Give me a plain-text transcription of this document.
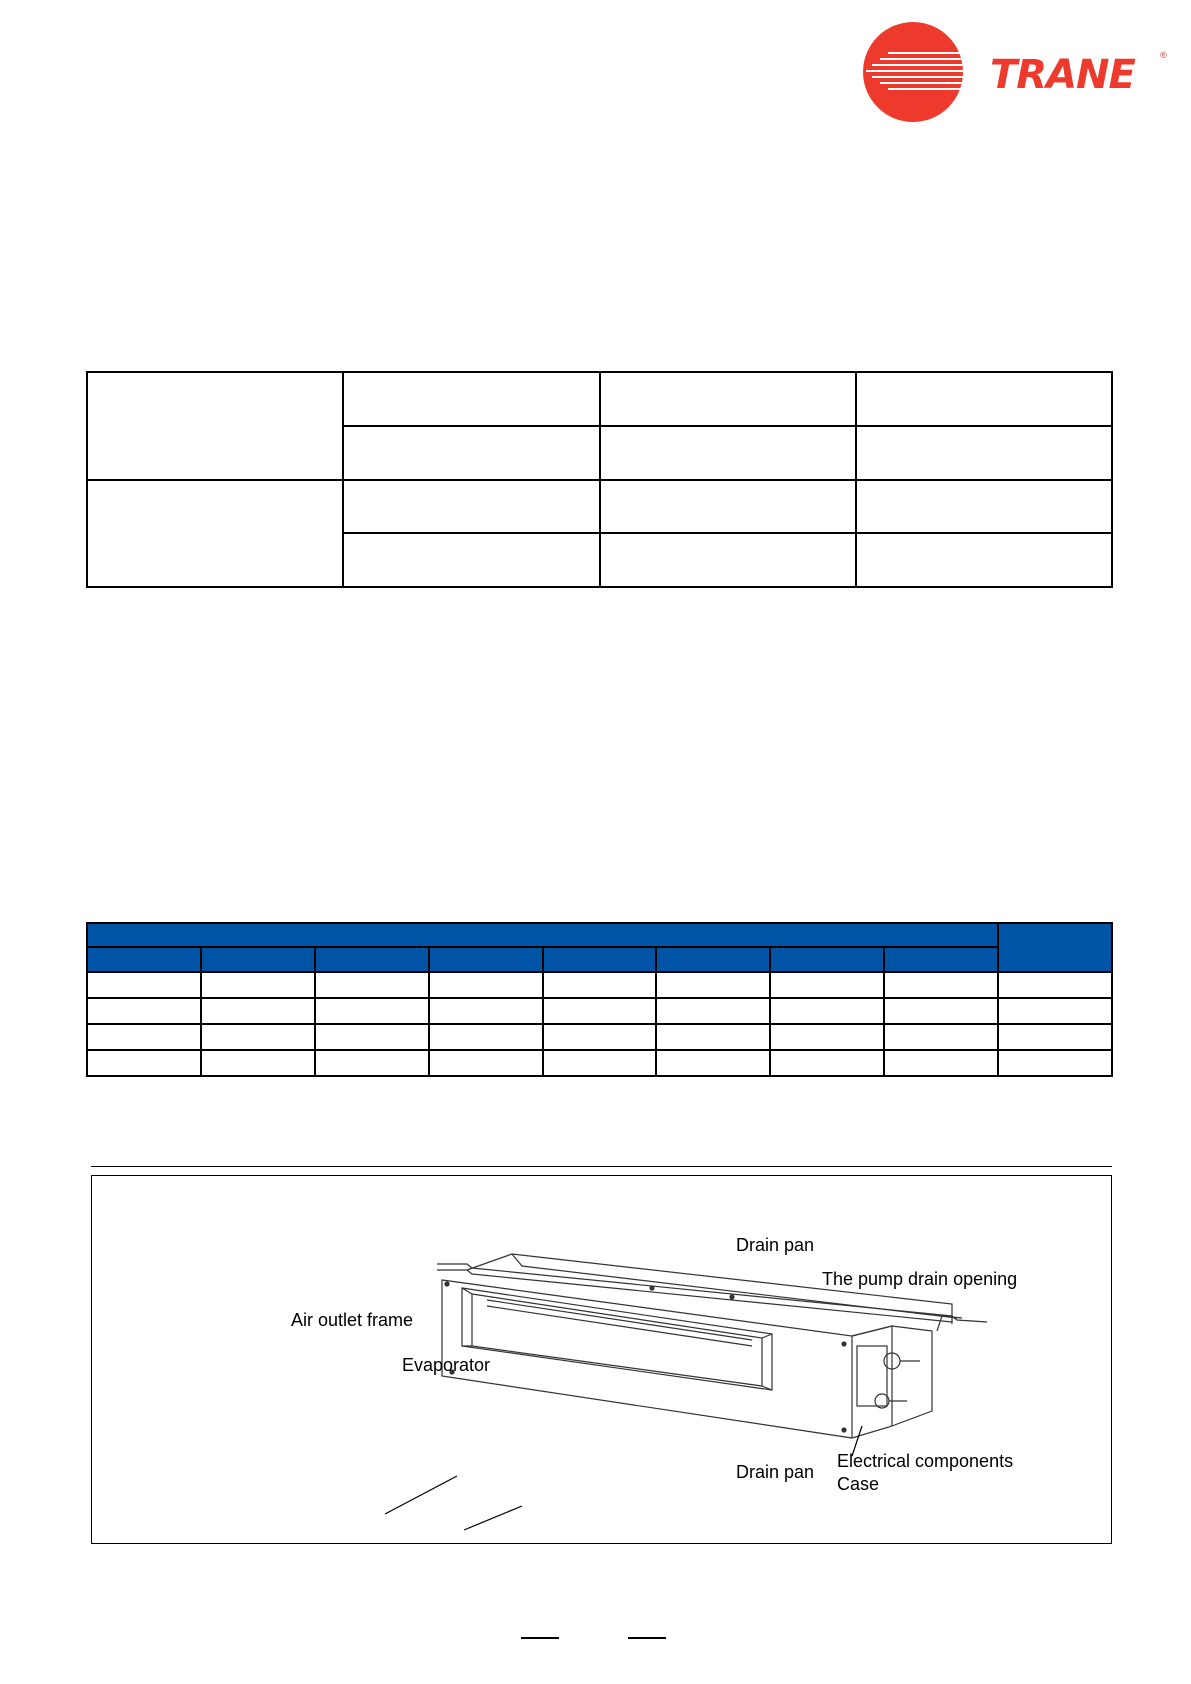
TRANE	®

Drain pan
The pump drain opening
Air outlet frame
Evaporator
Drain pan
Electrical components
Case
